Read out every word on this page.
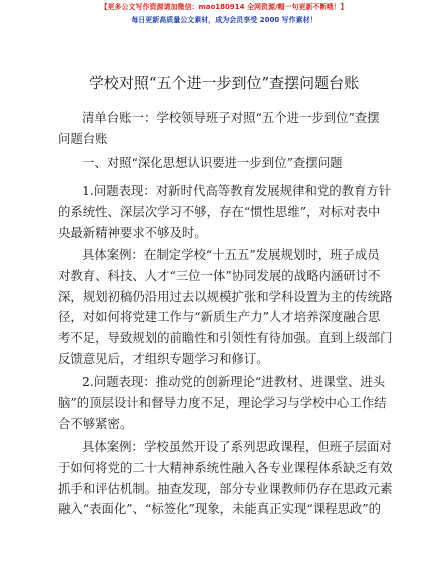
【更多公文写作资源请加微信：mao180914 全网资源/帽一句更新不断哦！】
每日更新高质量公文素材，成为会员享受 2000 写作素材！
学校对照“五个进一步到位”查摆问题台账
清单台账一：学校领导班子对照“五个进一步到位”查摆
问题台账
一、对照“深化思想认识要进一步到位”查摆问题
1.问题表现：对新时代高等教育发展规律和党的教育方针
的系统性、深层次学习不够，存在“惯性思维”，对标对表中
央最新精神要求不够及时。
具体案例：在制定学校“十五五”发展规划时，班子成员
对教育、科技、人才“三位一体”协同发展的战略内涵研讨不
深，规划初稿仍沿用过去以规模扩张和学科设置为主的传统路
径，对如何将党建工作与“新质生产力”人才培养深度融合思
考不足，导致规划的前瞻性和引领性有待加强。直到上级部门
反馈意见后，才组织专题学习和修订。
2.问题表现：推动党的创新理论“进教材、进课堂、进头
脑”的顶层设计和督导力度不足，理论学习与学校中心工作结
合不够紧密。
具体案例：学校虽然开设了系列思政课程，但班子层面对
于如何将党的二十大精神系统性融入各专业课程体系缺乏有效
抓手和评估机制。抽查发现，部分专业课教师仍存在思政元素
融入“表面化”、“标签化”现象，未能真正实现“课程思政”的
